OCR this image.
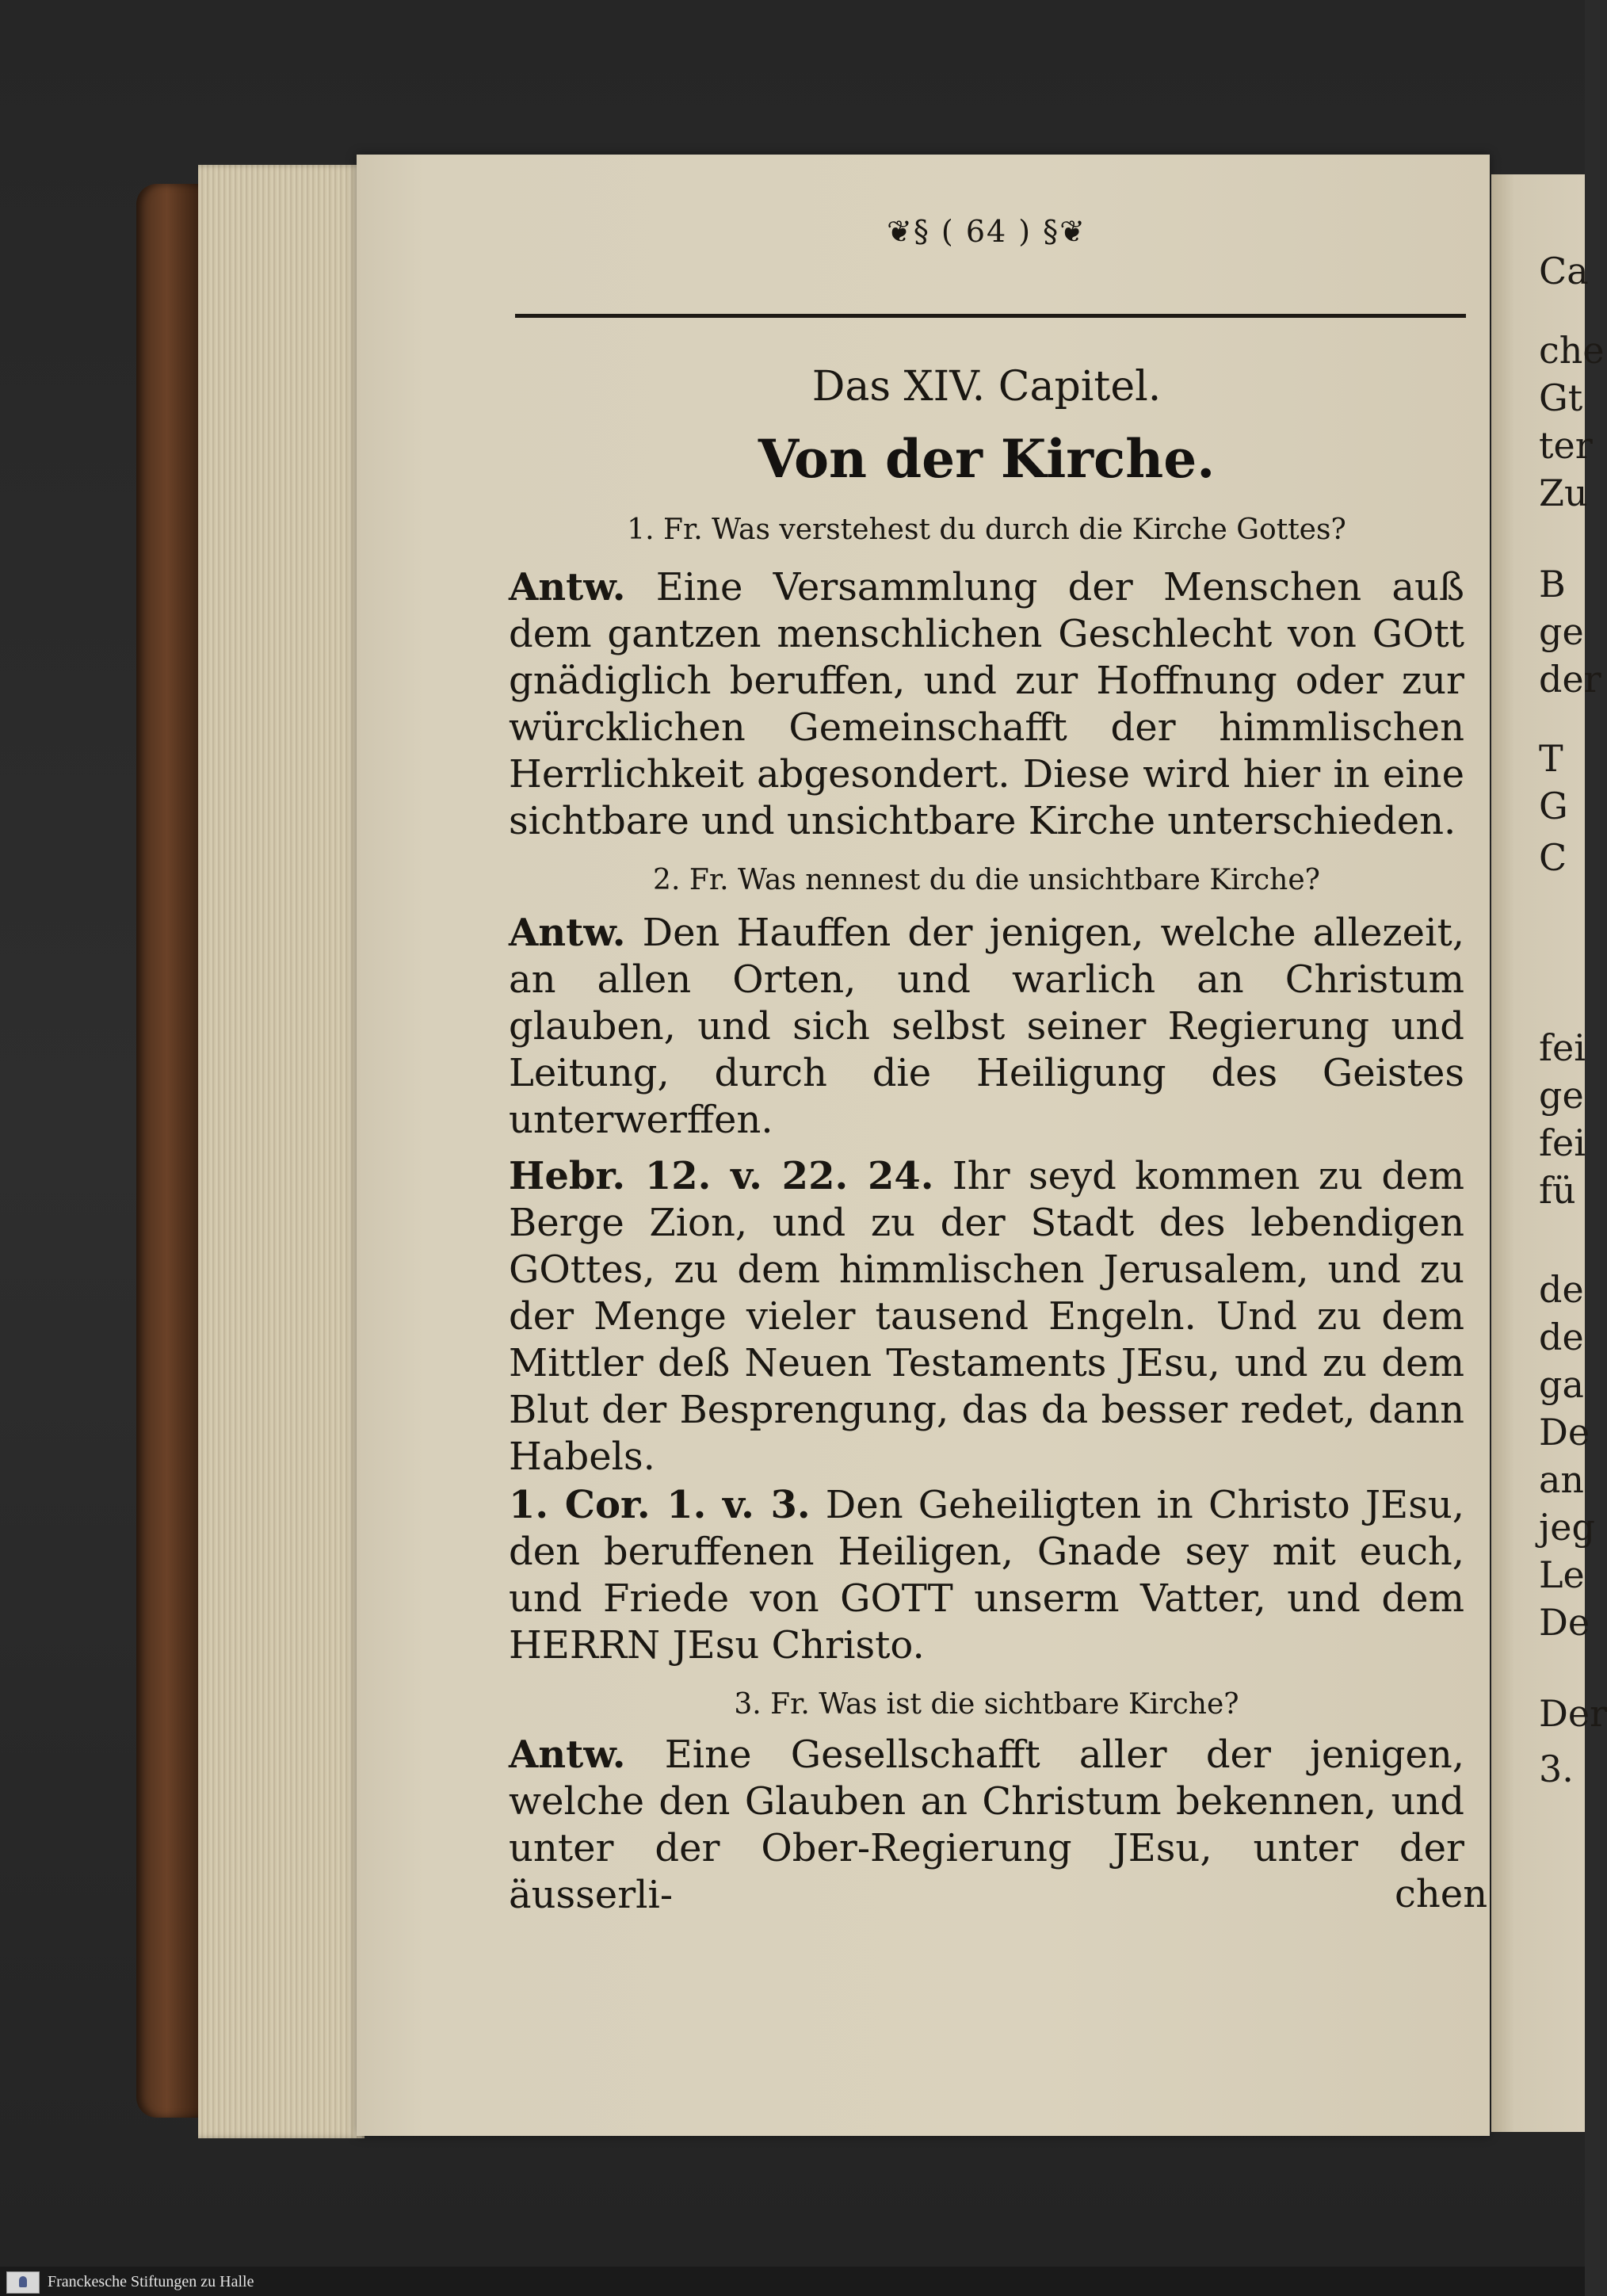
Ca
che
Gt
ter
Zu
B
ge
der
T
G
C
fei
ge
fei
fü
de
de
ga
De
an
jeg
Le
De
Der
3.
❦§ ( 64 ) §❦
Das XIV. Capitel.
Von der Kirche.
1. Fr. Was verstehest du durch die Kirche Gottes?
Antw. Eine Versammlung der Menschen auß dem gantzen menschlichen Geschlecht von GOtt gnädiglich beruffen, und zur Hoffnung oder zur würcklichen Gemeinschafft der himmlischen Herrlichkeit abgesondert. Diese wird hier in eine sichtbare und unsichtbare Kirche unterschieden.
2. Fr. Was nennest du die unsichtbare Kirche?
Antw. Den Hauffen der jenigen, welche allezeit, an allen Orten, und warlich an Christum glauben, und sich selbst seiner Regierung und Leitung, durch die Heiligung des Geistes unterwerffen.
Hebr. 12. v. 22. 24. Ihr seyd kommen zu dem Berge Zion, und zu der Stadt des lebendigen GOttes, zu dem himmlischen Jerusalem, und zu der Menge vieler tausend Engeln. Und zu dem Mittler deß Neuen Testaments JEsu, und zu dem Blut der Besprengung, das da besser redet, dann Habels.
1. Cor. 1. v. 3. Den Geheiligten in Christo JEsu, den beruffenen Heiligen, Gnade sey mit euch, und Friede von GOTT unserm Vatter, und dem HERRN JEsu Christo.
3. Fr. Was ist die sichtbare Kirche?
Antw. Eine Gesellschafft aller der jenigen, welche den Glauben an Christum bekennen, und unter der Ober-Regierung JEsu, unter der äusserli-	chen
Franckesche Stiftungen zu Halle
